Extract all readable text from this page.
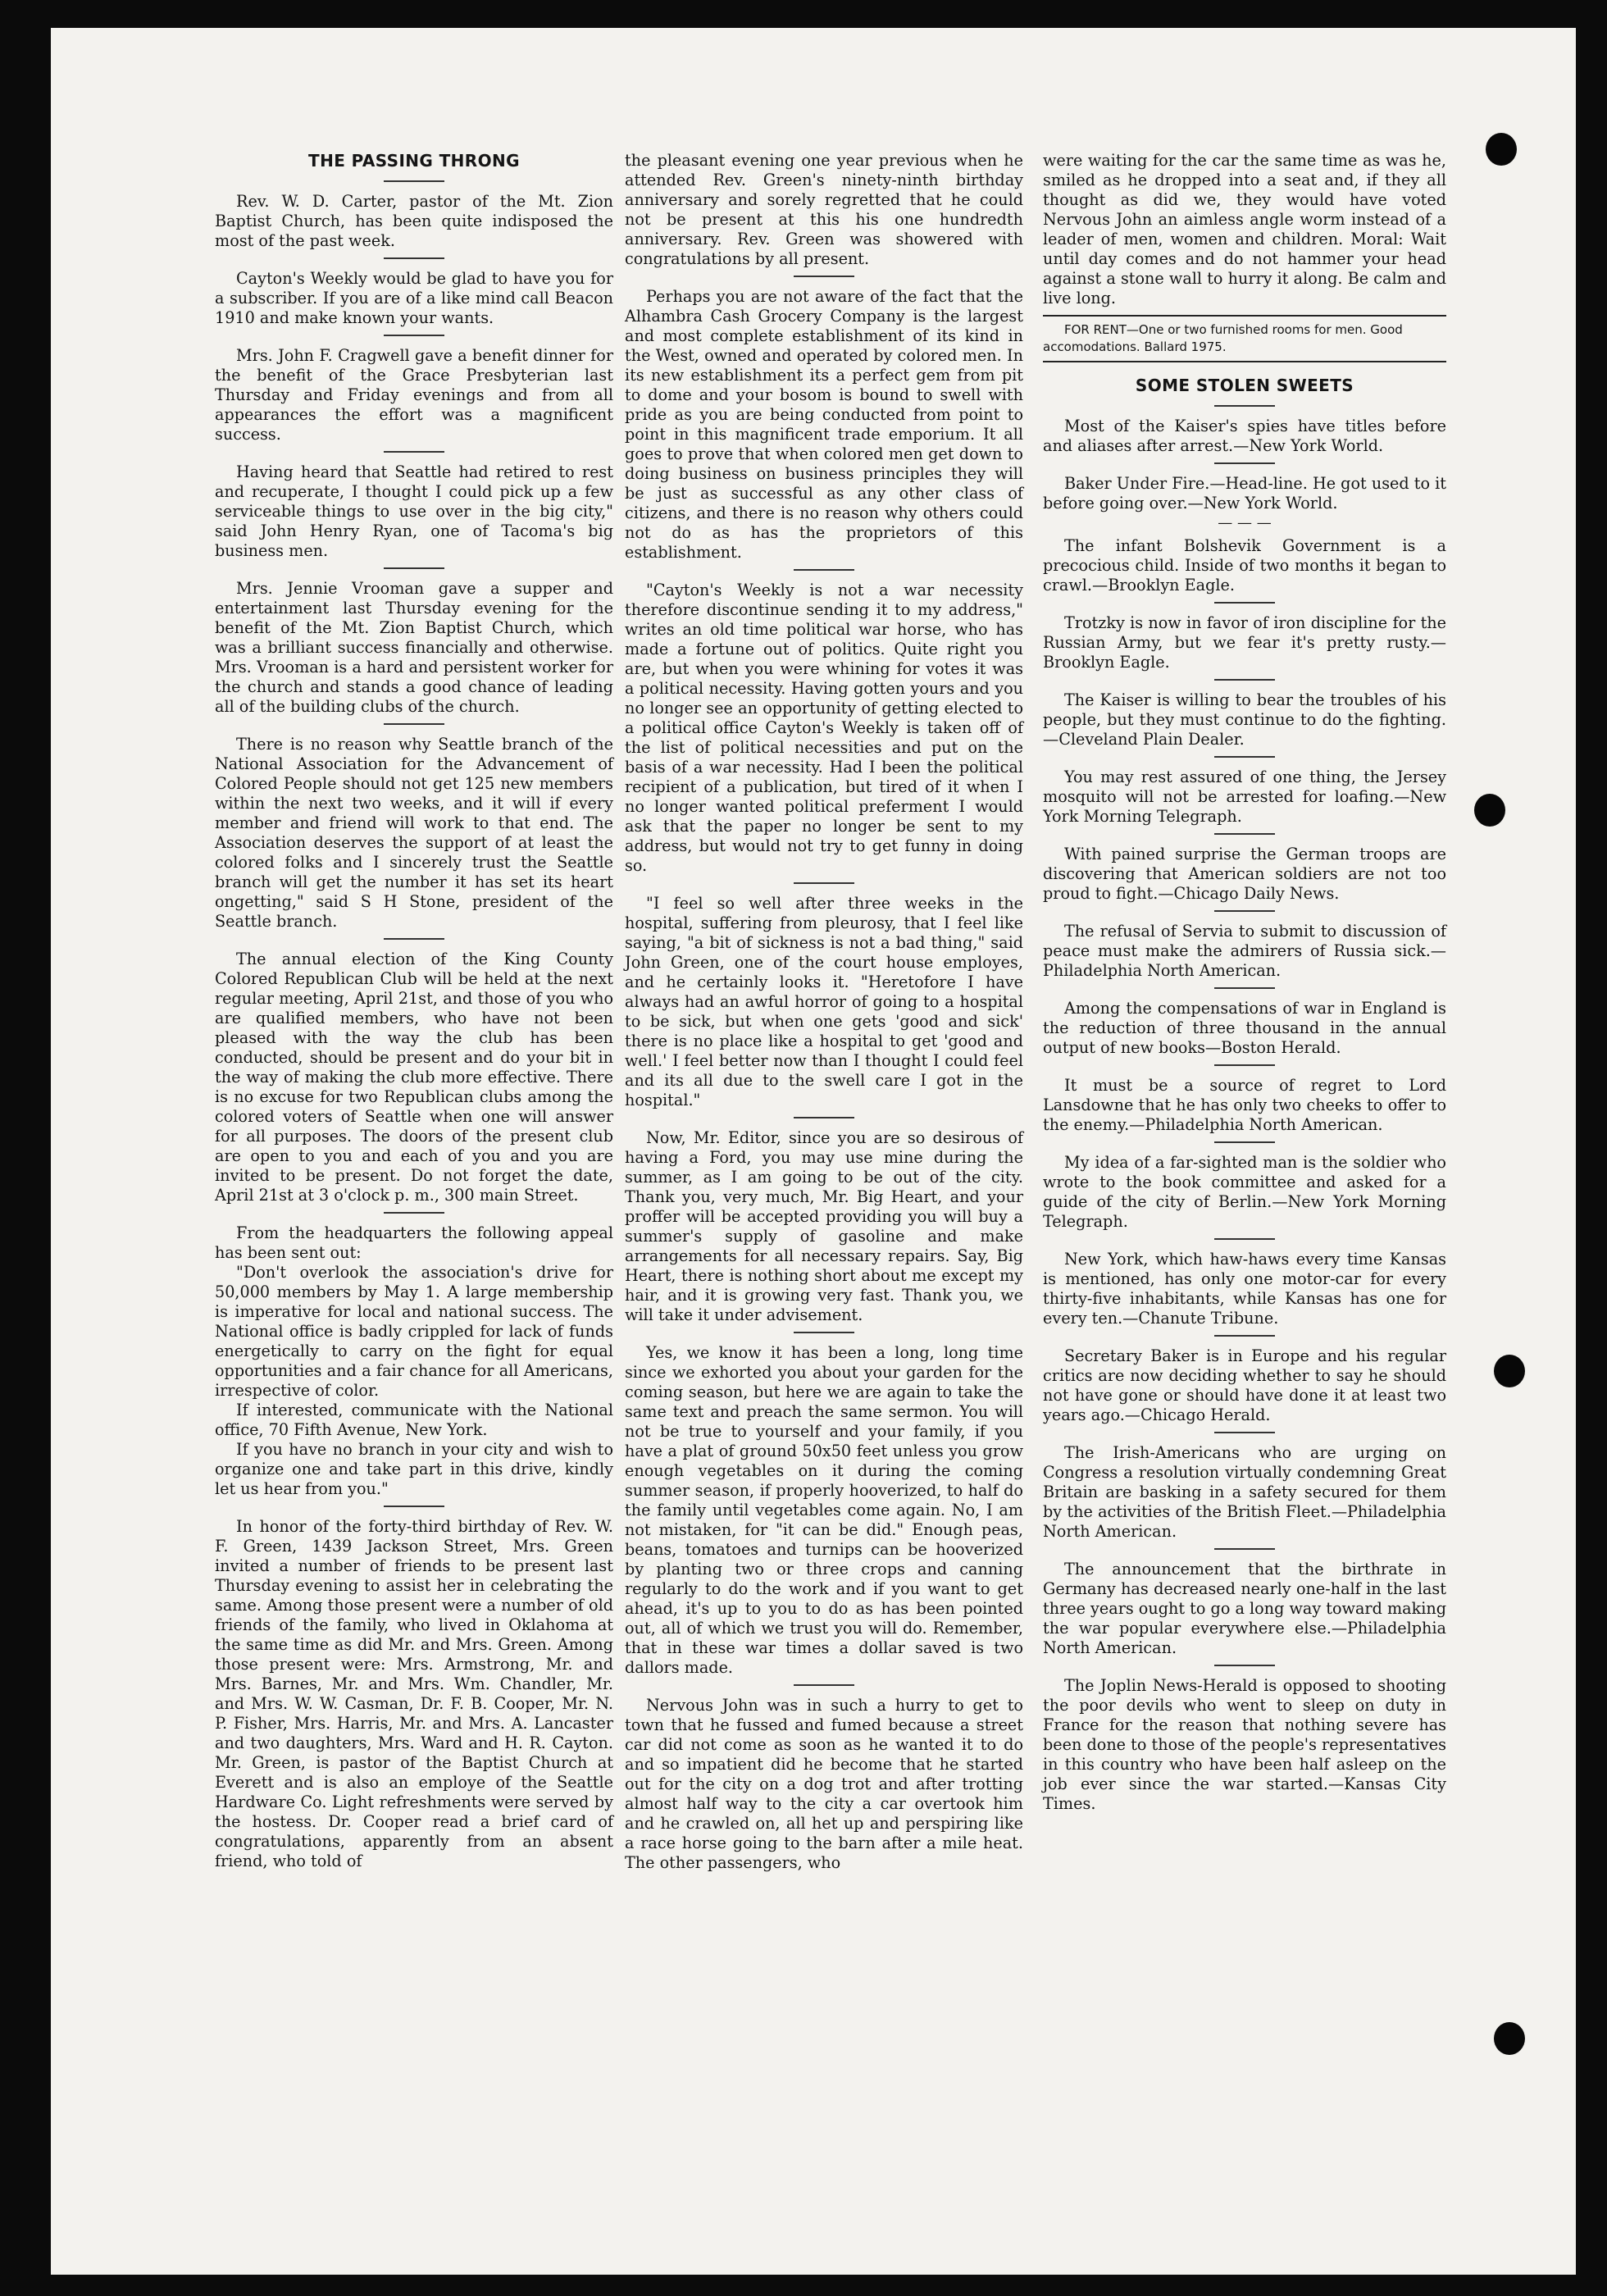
THE PASSING THRONG

Rev. W. D. Carter, pastor of the Mt. Zion Baptist Church, has been quite indisposed the most of the past week.

Cayton's Weekly would be glad to have you for a subscriber. If you are of a like mind call Beacon 1910 and make known your wants.

Mrs. John F. Cragwell gave a benefit dinner for the benefit of the Grace Presbyterian last Thursday and Friday evenings and from all appearances the effort was a magnificent success.

Having heard that Seattle had retired to rest and recuperate, I thought I could pick up a few serviceable things to use over in the big city," said John Henry Ryan, one of Tacoma's big business men.

Mrs. Jennie Vrooman gave a supper and entertainment last Thursday evening for the benefit of the Mt. Zion Baptist Church, which was a brilliant success financially and otherwise. Mrs. Vrooman is a hard and persistent worker for the church and stands a good chance of leading all of the building clubs of the church.

There is no reason why Seattle branch of the National Association for the Advancement of Colored People should not get 125 new members within the next two weeks, and it will if every member and friend will work to that end. The Association deserves the support of at least the colored folks and I sincerely trust the Seattle branch will get the number it has set its heart ongetting," said S H Stone, president of the Seattle branch.

The annual election of the King County Colored Republican Club will be held at the next regular meeting, April 21st, and those of you who are qualified members, who have not been pleased with the way the club has been conducted, should be present and do your bit in the way of making the club more effective. There is no excuse for two Republican clubs among the colored voters of Seattle when one will answer for all purposes. The doors of the present club are open to you and each of you and you are invited to be present. Do not forget the date, April 21st at 3 o'clock p. m., 300 main Street.

From the headquarters the following appeal has been sent out:

"Don't overlook the association's drive for 50,000 members by May 1. A large membership is imperative for local and national success. The National office is badly crippled for lack of funds energetically to carry on the fight for equal opportunities and a fair chance for all Americans, irrespective of color.

If interested, communicate with the National office, 70 Fifth Avenue, New York.

If you have no branch in your city and wish to organize one and take part in this drive, kindly let us hear from you."

In honor of the forty-third birthday of Rev. W. F. Green, 1439 Jackson Street, Mrs. Green invited a number of friends to be present last Thursday evening to assist her in celebrating the same. Among those present were a number of old friends of the family, who lived in Oklahoma at the same time as did Mr. and Mrs. Green. Among those present were: Mrs. Armstrong, Mr. and Mrs. Barnes, Mr. and Mrs. Wm. Chandler, Mr. and Mrs. W. W. Casman, Dr. F. B. Cooper, Mr. N. P. Fisher, Mrs. Harris, Mr. and Mrs. A. Lancaster and two daughters, Mrs. Ward and H. R. Cayton. Mr. Green, is pastor of the Baptist Church at Everett and is also an employe of the Seattle Hardware Co. Light refreshments were served by the hostess. Dr. Cooper read a brief card of congratulations, apparently from an absent friend, who told of

the pleasant evening one year previous when he attended Rev. Green's ninety-ninth birthday anniversary and sorely regretted that he could not be present at this his one hundredth anniversary. Rev. Green was showered with congratulations by all present.

Perhaps you are not aware of the fact that the Alhambra Cash Grocery Company is the largest and most complete establishment of its kind in the West, owned and operated by colored men. In its new establishment its a perfect gem from pit to dome and your bosom is bound to swell with pride as you are being conducted from point to point in this magnificent trade emporium. It all goes to prove that when colored men get down to doing business on business principles they will be just as successful as any other class of citizens, and there is no reason why others could not do as has the proprietors of this establishment.

"Cayton's Weekly is not a war necessity therefore discontinue sending it to my address," writes an old time political war horse, who has made a fortune out of politics. Quite right you are, but when you were whining for votes it was a political necessity. Having gotten yours and you no longer see an opportunity of getting elected to a political office Cayton's Weekly is taken off of the list of political necessities and put on the basis of a war necessity. Had I been the political recipient of a publication, but tired of it when I no longer wanted political preferment I would ask that the paper no longer be sent to my address, but would not try to get funny in doing so.

"I feel so well after three weeks in the hospital, suffering from pleurosy, that I feel like saying, "a bit of sickness is not a bad thing," said John Green, one of the court house employes, and he certainly looks it. "Heretofore I have always had an awful horror of going to a hospital to be sick, but when one gets 'good and sick' there is no place like a hospital to get 'good and well.' I feel better now than I thought I could feel and its all due to the swell care I got in the hospital."

Now, Mr. Editor, since you are so desirous of having a Ford, you may use mine during the summer, as I am going to be out of the city. Thank you, very much, Mr. Big Heart, and your proffer will be accepted providing you will buy a summer's supply of gasoline and make arrangements for all necessary repairs. Say, Big Heart, there is nothing short about me except my hair, and it is growing very fast. Thank you, we will take it under advisement.

Yes, we know it has been a long, long time since we exhorted you about your garden for the coming season, but here we are again to take the same text and preach the same sermon. You will not be true to yourself and your family, if you have a plat of ground 50x50 feet unless you grow enough vegetables on it during the coming summer season, if properly hooverized, to half do the family until vegetables come again. No, I am not mistaken, for "it can be did." Enough peas, beans, tomatoes and turnips can be hooverized by planting two or three crops and canning regularly to do the work and if you want to get ahead, it's up to you to do as has been pointed out, all of which we trust you will do. Remember, that in these war times a dollar saved is two dallors made.

Nervous John was in such a hurry to get to town that he fussed and fumed because a street car did not come as soon as he wanted it to do and so impatient did he become that he started out for the city on a dog trot and after trotting almost half way to the city a car overtook him and he crawled on, all het up and perspiring like a race horse going to the barn after a mile heat. The other passengers, who

were waiting for the car the same time as was he, smiled as he dropped into a seat and, if they all thought as did we, they would have voted Nervous John an aimless angle worm instead of a leader of men, women and children. Moral: Wait until day comes and do not hammer your head against a stone wall to hurry it along. Be calm and live long.

FOR RENT—One or two furnished rooms for men. Good accomodations. Ballard 1975.

SOME STOLEN SWEETS

Most of the Kaiser's spies have titles before and aliases after arrest.—New York World.

Baker Under Fire.—Head-line. He got used to it before going over.—New York World.

— — —

The infant Bolshevik Government is a precocious child. Inside of two months it began to crawl.—Brooklyn Eagle.

Trotzky is now in favor of iron discipline for the Russian Army, but we fear it's pretty rusty.—Brooklyn Eagle.

The Kaiser is willing to bear the troubles of his people, but they must continue to do the fighting.—Cleveland Plain Dealer.

You may rest assured of one thing, the Jersey mosquito will not be arrested for loafing.—New York Morning Telegraph.

With pained surprise the German troops are discovering that American soldiers are not too proud to fight.—Chicago Daily News.

The refusal of Servia to submit to discussion of peace must make the admirers of Russia sick.—Philadelphia North American.

Among the compensations of war in England is the reduction of three thousand in the annual output of new books—Boston Herald.

It must be a source of regret to Lord Lansdowne that he has only two cheeks to offer to the enemy.—Philadelphia North American.

My idea of a far-sighted man is the soldier who wrote to the book committee and asked for a guide of the city of Berlin.—New York Morning Telegraph.

New York, which haw-haws every time Kansas is mentioned, has only one motor-car for every thirty-five inhabitants, while Kansas has one for every ten.—Chanute Tribune.

Secretary Baker is in Europe and his regular critics are now deciding whether to say he should not have gone or should have done it at least two years ago.—Chicago Herald.

The Irish-Americans who are urging on Congress a resolution virtually condemning Great Britain are basking in a safety secured for them by the activities of the British Fleet.—Philadelphia North American.

The announcement that the birthrate in Germany has decreased nearly one-half in the last three years ought to go a long way toward making the war popular everywhere else.—Philadelphia North American.

The Joplin News-Herald is opposed to shooting the poor devils who went to sleep on duty in France for the reason that nothing severe has been done to those of the people's representatives in this country who have been half asleep on the job ever since the war started.—Kansas City Times.
